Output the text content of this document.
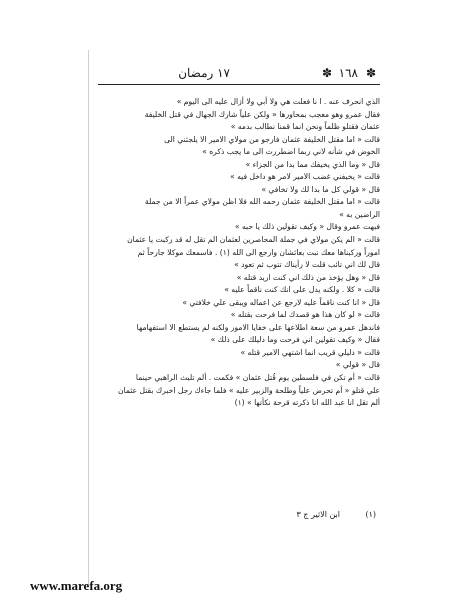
✽
١٦٨
✽
١٧ رمضان

الذي انحرف عنه . ا نا فعلت هي ولا أبي ولا أزال عليه الى اليوم »

فقال عمرو وهو معجب بمحاورها « ولكن علياً شارك الجهال في قتل الخليفة

عثمان فقتلو ظلماً ونحن انما قمنا نطالب بدمه »

قالت « اما مقتل الخليفة عثمان فارجو من مولاي الامير الا يلجئني الى

الخوض في شأنه لاني ربما اضطررت الى ما يجب ذكره »

قال « وما الذي يخيفك مما بدا من الجزاء »

قالت « يخيفني غضب الامير لامر هو داخل فيه »

قال « قولي كل ما بدا لك ولا تخافي »

قالت « اما مقتل الخليفة عثمان رحمه الله فلا اظن مولاي عمراً الا من جملة

الراضين به »

فبهت عمرو وقال « وكيف تقولين ذلك يا حبه »

قالت « الم يكن مولاي في جملة المحاصرين لعثمان الم تقل له قد ركبت يا عثمان

اموراً وركبناها معك نبت بعائشان وارجع الى الله (١) . فاسمعك موكلا جارحاً ثم

قال لك اني تائب قلت لا رأيناك تتوب ثم تعود »

قال « وهل يؤخذ من ذلك اني كنت اريد قتله »

قالت « كلا . ولكنه يدل على انك كنت ناقماً عليه »

قال « انا كنت ناقماً عليه لارجع عن اعماله ويبقى علي خلافتي »

قالت « لو كان هذا هو قصدك لما فرحت بقتله »

فاندهل عمرو من سعة اطلاعها على خفايا الامور ولكنه لم يستطع الا استفهامها

فقال « وكيف تقولين اني فرحت وما دليلك على ذلك »

قالت « دليلي قريب انما اشتهي الامير قتله »

قال « قولي »

قالت « أم تكن في فلسطين يوم قُتل عثمان » فكمت . ألم تلبث الراهبي حينما

علي قتلو « أم تحرض علياً وطلحة والزبير عليه » فلما جاءك رجل اخبرك بقتل عثمان

ألم تقل انا عبد الله انا ذكرته قرحة نكأتها » (١)

(١)
ابن الاثير ج ٣
www.marefa.org
